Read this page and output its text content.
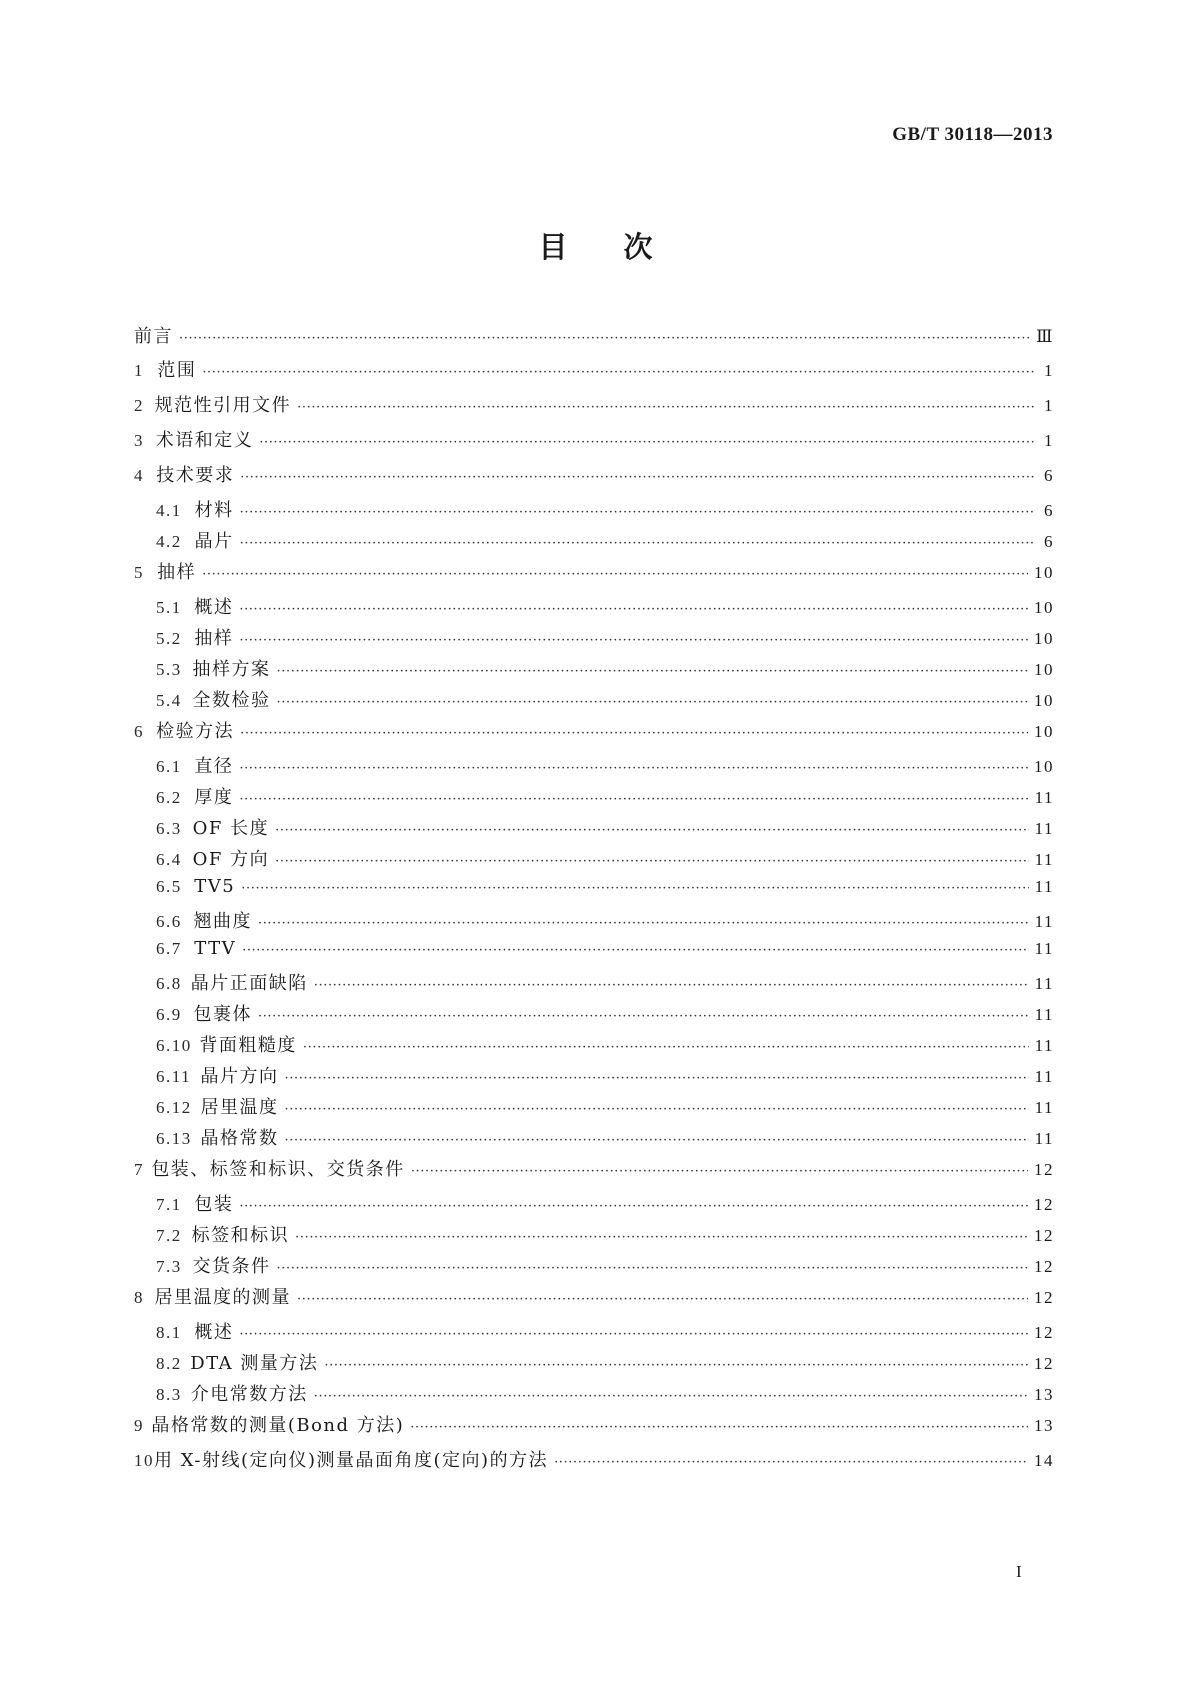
GB/T 30118—2013
目次
前言 ·····	Ⅲ
1 范围 ·····	1
2 规范性引用文件 ·····	1
3 术语和定义 ·····	1
4 技术要求 ·····	6
4.1 材料 ·····	6
4.2 晶片 ·····	6
5 抽样 ·····	10
5.1 概述 ·····	10
5.2 抽样 ·····	10
5.3 抽样方案 ·····	10
5.4 全数检验 ·····	10
6 检验方法 ·····	10
6.1 直径 ·····	10
6.2 厚度 ·····	11
6.3 OF 长度 ·····	11
6.4 OF 方向 ·····	11
6.5 TV5 ·····	11
6.6 翘曲度 ·····	11
6.7 TTV ·····	11
6.8 晶片正面缺陷 ·····	11
6.9 包裹体 ·····	11
6.10 背面粗糙度 ·····	11
6.11 晶片方向 ·····	11
6.12 居里温度 ·····	11
6.13 晶格常数 ·····	11
7 包装、标签和标识、交货条件 ·····	12
7.1 包装 ·····	12
7.2 标签和标识 ·····	12
7.3 交货条件 ·····	12
8 居里温度的测量 ·····	12
8.1 概述 ·····	12
8.2 DTA 测量方法 ·····	12
8.3 介电常数方法 ·····	13
9 晶格常数的测量(Bond 方法) ·····	13
10 用 X-射线(定向仪)测量晶面角度(定向)的方法 ·····	14
I
